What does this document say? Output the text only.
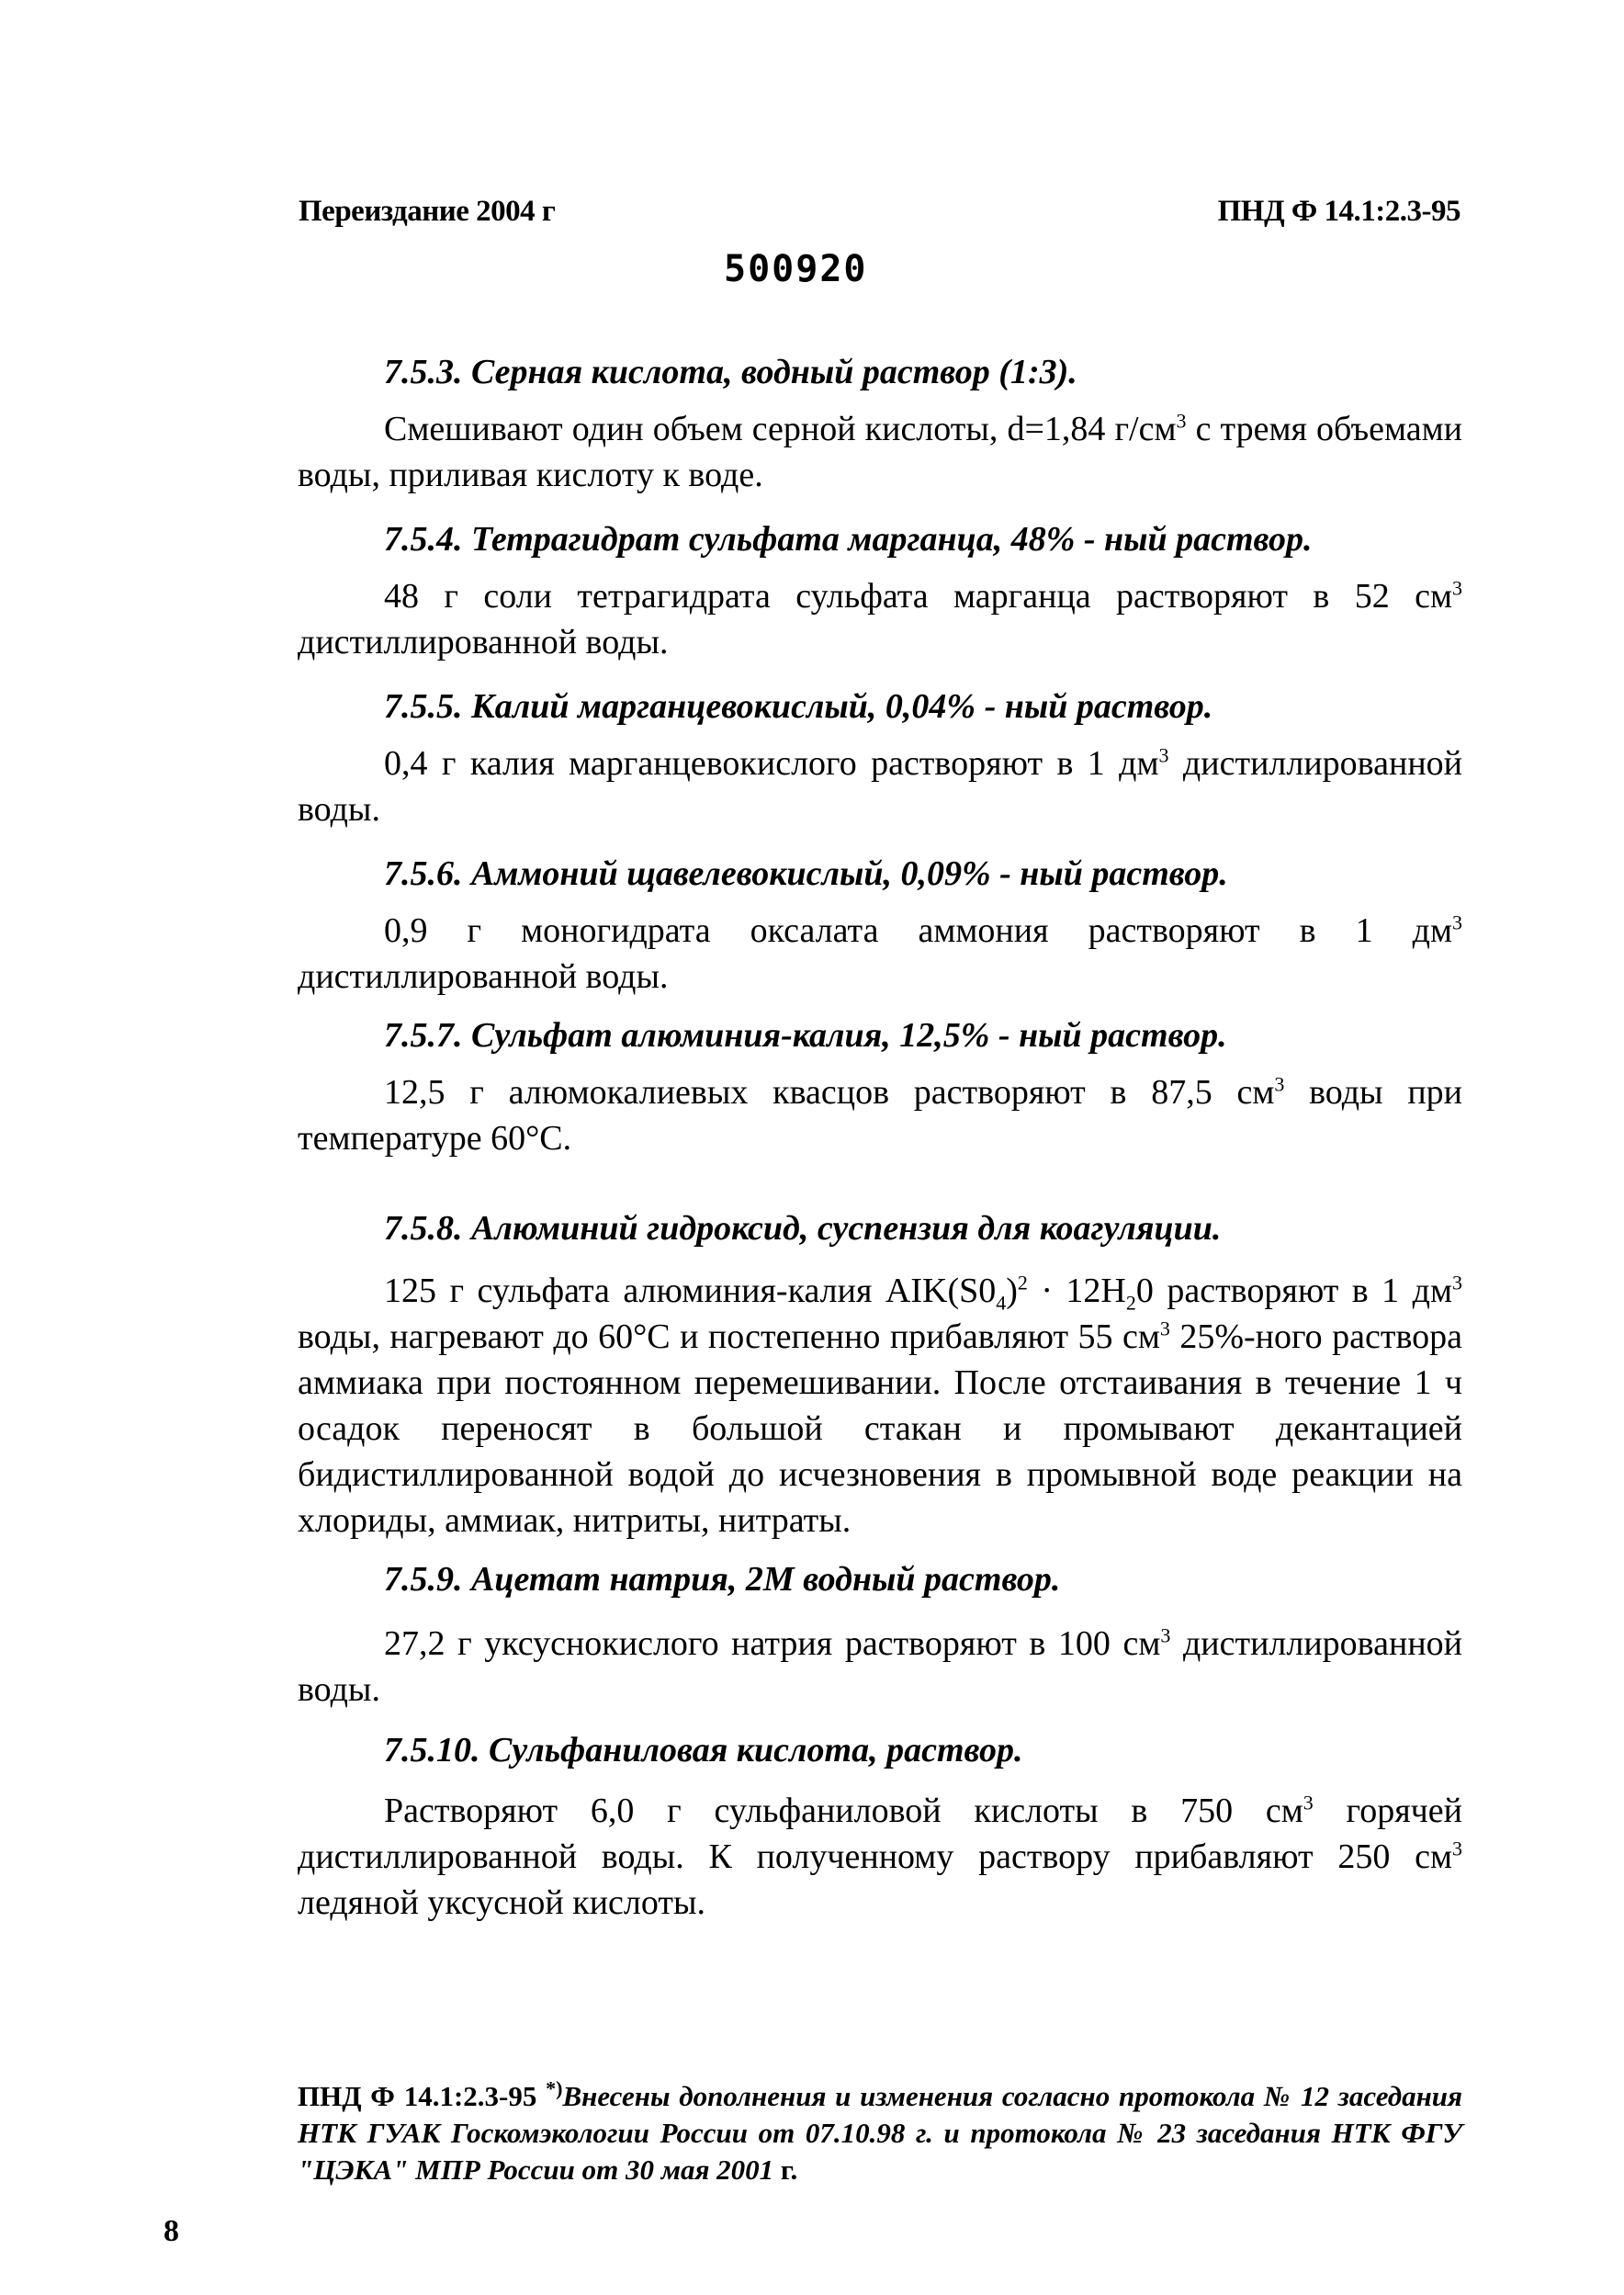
Переиздание 2004 г	ПНД Ф 14.1:2.3-95
500920
7.5.3. Серная кислота, водный раствор (1:3).
Смешивают один объем серной кислоты, d=1,84 $г/см^3$ с тремя объемами воды, приливая кислоту к воде.
7.5.4. Тетрагидрат сульфата марганца, 48% - ный раствор.
48 г соли тетрагидрата сульфата марганца растворяют в 52 $см^3$ дистиллированной воды.
7.5.5. Калий марганцевокислый, 0,04% - ный раствор.
0,4 г калия марганцевокислого растворяют в 1 $дм^3$ дистиллированной воды.
7.5.6. Аммоний щавелевокислый, 0,09% - ный раствор.
0,9 г моногидрата оксалата аммония растворяют в 1 $дм^3$ дистиллированной воды.
7.5.7. Сульфат алюминия-калия, 12,5% - ный раствор.
12,5 г алюмокалиевых квасцов растворяют в 87,5 $см^3$ воды при температуре 60°С.
7.5.8. Алюминий гидроксид, суспензия для коагуляции.
125 г сульфата алюминия-калия $AIK(S0_4)^2 \cdot 12H_20$ растворяют в 1 $дм^3$ воды, нагревают до 60°С и постепенно прибавляют 55 $см^3$ 25%-ного раствора аммиака при постоянном перемешивании. После отстаивания в течение 1 ч осадок переносят в большой стакан и промывают декантацией бидистиллированной водой до исчезновения в промывной воде реакции на хлориды, аммиак, нитриты, нитраты.
7.5.9. Ацетат натрия, 2М водный раствор.
27,2 г уксуснокислого натрия растворяют в 100 $см^3$ дистиллированной воды.
7.5.10. Сульфаниловая кислота, раствор.
Растворяют 6,0 г сульфаниловой кислоты в 750 $см^3$ горячей дистиллированной воды. К полученному раствору прибавляют 250 $см^3$ ледяной уксусной кислоты.
ПНД Ф 14.1:2.3-95 *)Внесены дополнения и изменения согласно протокола № 12 заседания НТК ГУАК Госкомэкологии России от 07.10.98 г. и протокола № 23 заседания НТК ФГУ "ЦЭКА" МПР России от 30 мая 2001 г.
8
